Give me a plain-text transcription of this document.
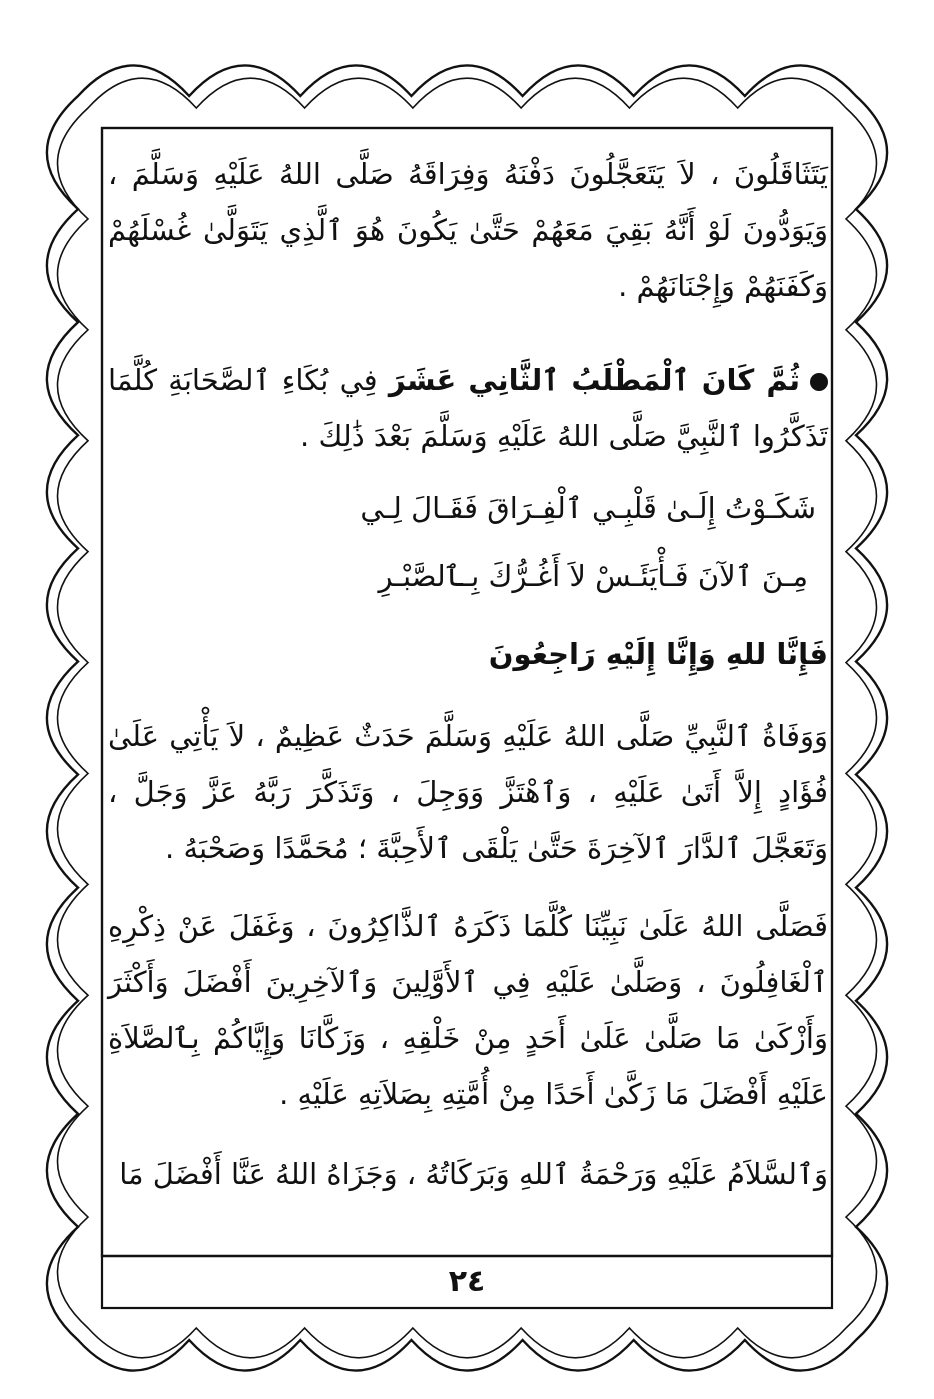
يَتَثَاقَلُونَ ، لاَ يَتَعَجَّلُونَ دَفْنَهُ وَفِرَاقَهُ صَلَّى اللهُ عَلَيْهِ وَسَلَّمَ ، وَيَوَدُّونَ لَوْ أَنَّهُ بَقِيَ مَعَهُمْ حَتَّىٰ يَكُونَ هُوَ ٱلَّذِي يَتَوَلَّىٰ غُسْلَهُمْ وَكَفَنَهُمْ وَإِجْنَانَهُمْ .

ثُمَّ كَانَ ٱلْمَطْلَبُ ٱلثَّانِي عَشَرَ فِي بُكَاءِ ٱلصَّحَابَةِ كُلَّمَا تَذَكَّرُوا ٱلنَّبِيَّ صَلَّى اللهُ عَلَيْهِ وَسَلَّمَ بَعْدَ ذَٰلِكَ .

شَكَـوْتُ إِلَـىٰ قَلْبِـي ٱلْفِـرَاقَ فَقَـالَ لِـي

مِـنَ ٱلآنَ فَـأْيَئَـسْ لاَ أَغُـرُّكَ بِـٱلصَّبْـرِ

فَإِنَّا للهِ وَإِنَّا إِلَيْهِ رَاجِعُونَ

وَوَفَاةُ ٱلنَّبِيِّ صَلَّى اللهُ عَلَيْهِ وَسَلَّمَ حَدَثٌ عَظِيمٌ ، لاَ يَأْتِي عَلَىٰ فُؤَادٍ إِلاَّ أَتَىٰ عَلَيْهِ ، وَٱهْتَزَّ وَوَجِلَ ، وَتَذَكَّرَ رَبَّهُ عَزَّ وَجَلَّ ، وَتَعَجَّلَ ٱلدَّارَ ٱلآخِرَةَ حَتَّىٰ يَلْقَى ٱلأَحِبَّةَ ؛ مُحَمَّدًا وَصَحْبَهُ .

فَصَلَّى اللهُ عَلَىٰ نَبِيِّنَا كُلَّمَا ذَكَرَهُ ٱلذَّاكِرُونَ ، وَغَفَلَ عَنْ ذِكْرِهِ ٱلْغَافِلُونَ ، وَصَلَّىٰ عَلَيْهِ فِي ٱلأَوَّلِينَ وَٱلآخِرِينَ أَفْضَلَ وَأَكْثَرَ وَأَزْكَىٰ مَا صَلَّىٰ عَلَىٰ أَحَدٍ مِنْ خَلْقِهِ ، وَزَكَّانَا وَإِيَّاكُمْ بِٱلصَّلاَةِ عَلَيْهِ أَفْضَلَ مَا زَكَّىٰ أَحَدًا مِنْ أُمَّتِهِ بِصَلاَتِهِ عَلَيْهِ .

وَٱلسَّلاَمُ عَلَيْهِ وَرَحْمَةُ ٱللهِ وَبَرَكَاتُهُ ، وَجَزَاهُ اللهُ عَنَّا أَفْضَلَ مَا

٢٤
